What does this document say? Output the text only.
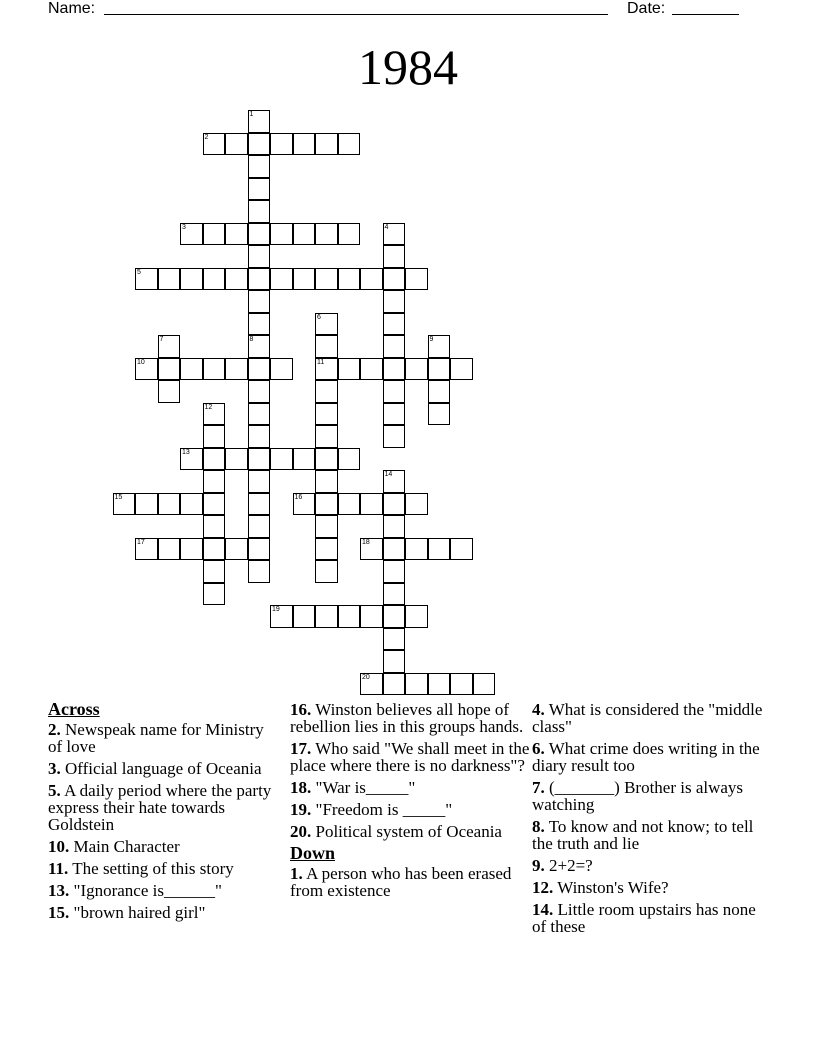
Name:	Date:
1984
1
8
2
3	4
5
6
11
7	9
10
12
13
14
15	16
17	18
19
20
Across
2. Newspeak name for Ministry of love
3. Official language of Oceania
5. A daily period where the party express their hate towards Goldstein
10. Main Character
11. The setting of this story
13. "Ignorance is______"
15. "brown haired girl"
16. Winston believes all hope of rebellion lies in this groups hands.
17. Who said "We shall meet in the place where there is no darkness"?
18. "War is_____"
19. "Freedom is _____"
20. Political system of Oceania
Down
1. A person who has been erased from existence
4. What is considered the "middle class"
6. What crime does writing in the diary result too
7. (_______) Brother is always watching
8. To know and not know; to tell the truth and lie
9. 2+2=?
12. Winston's Wife?
14. Little room upstairs has none of these
